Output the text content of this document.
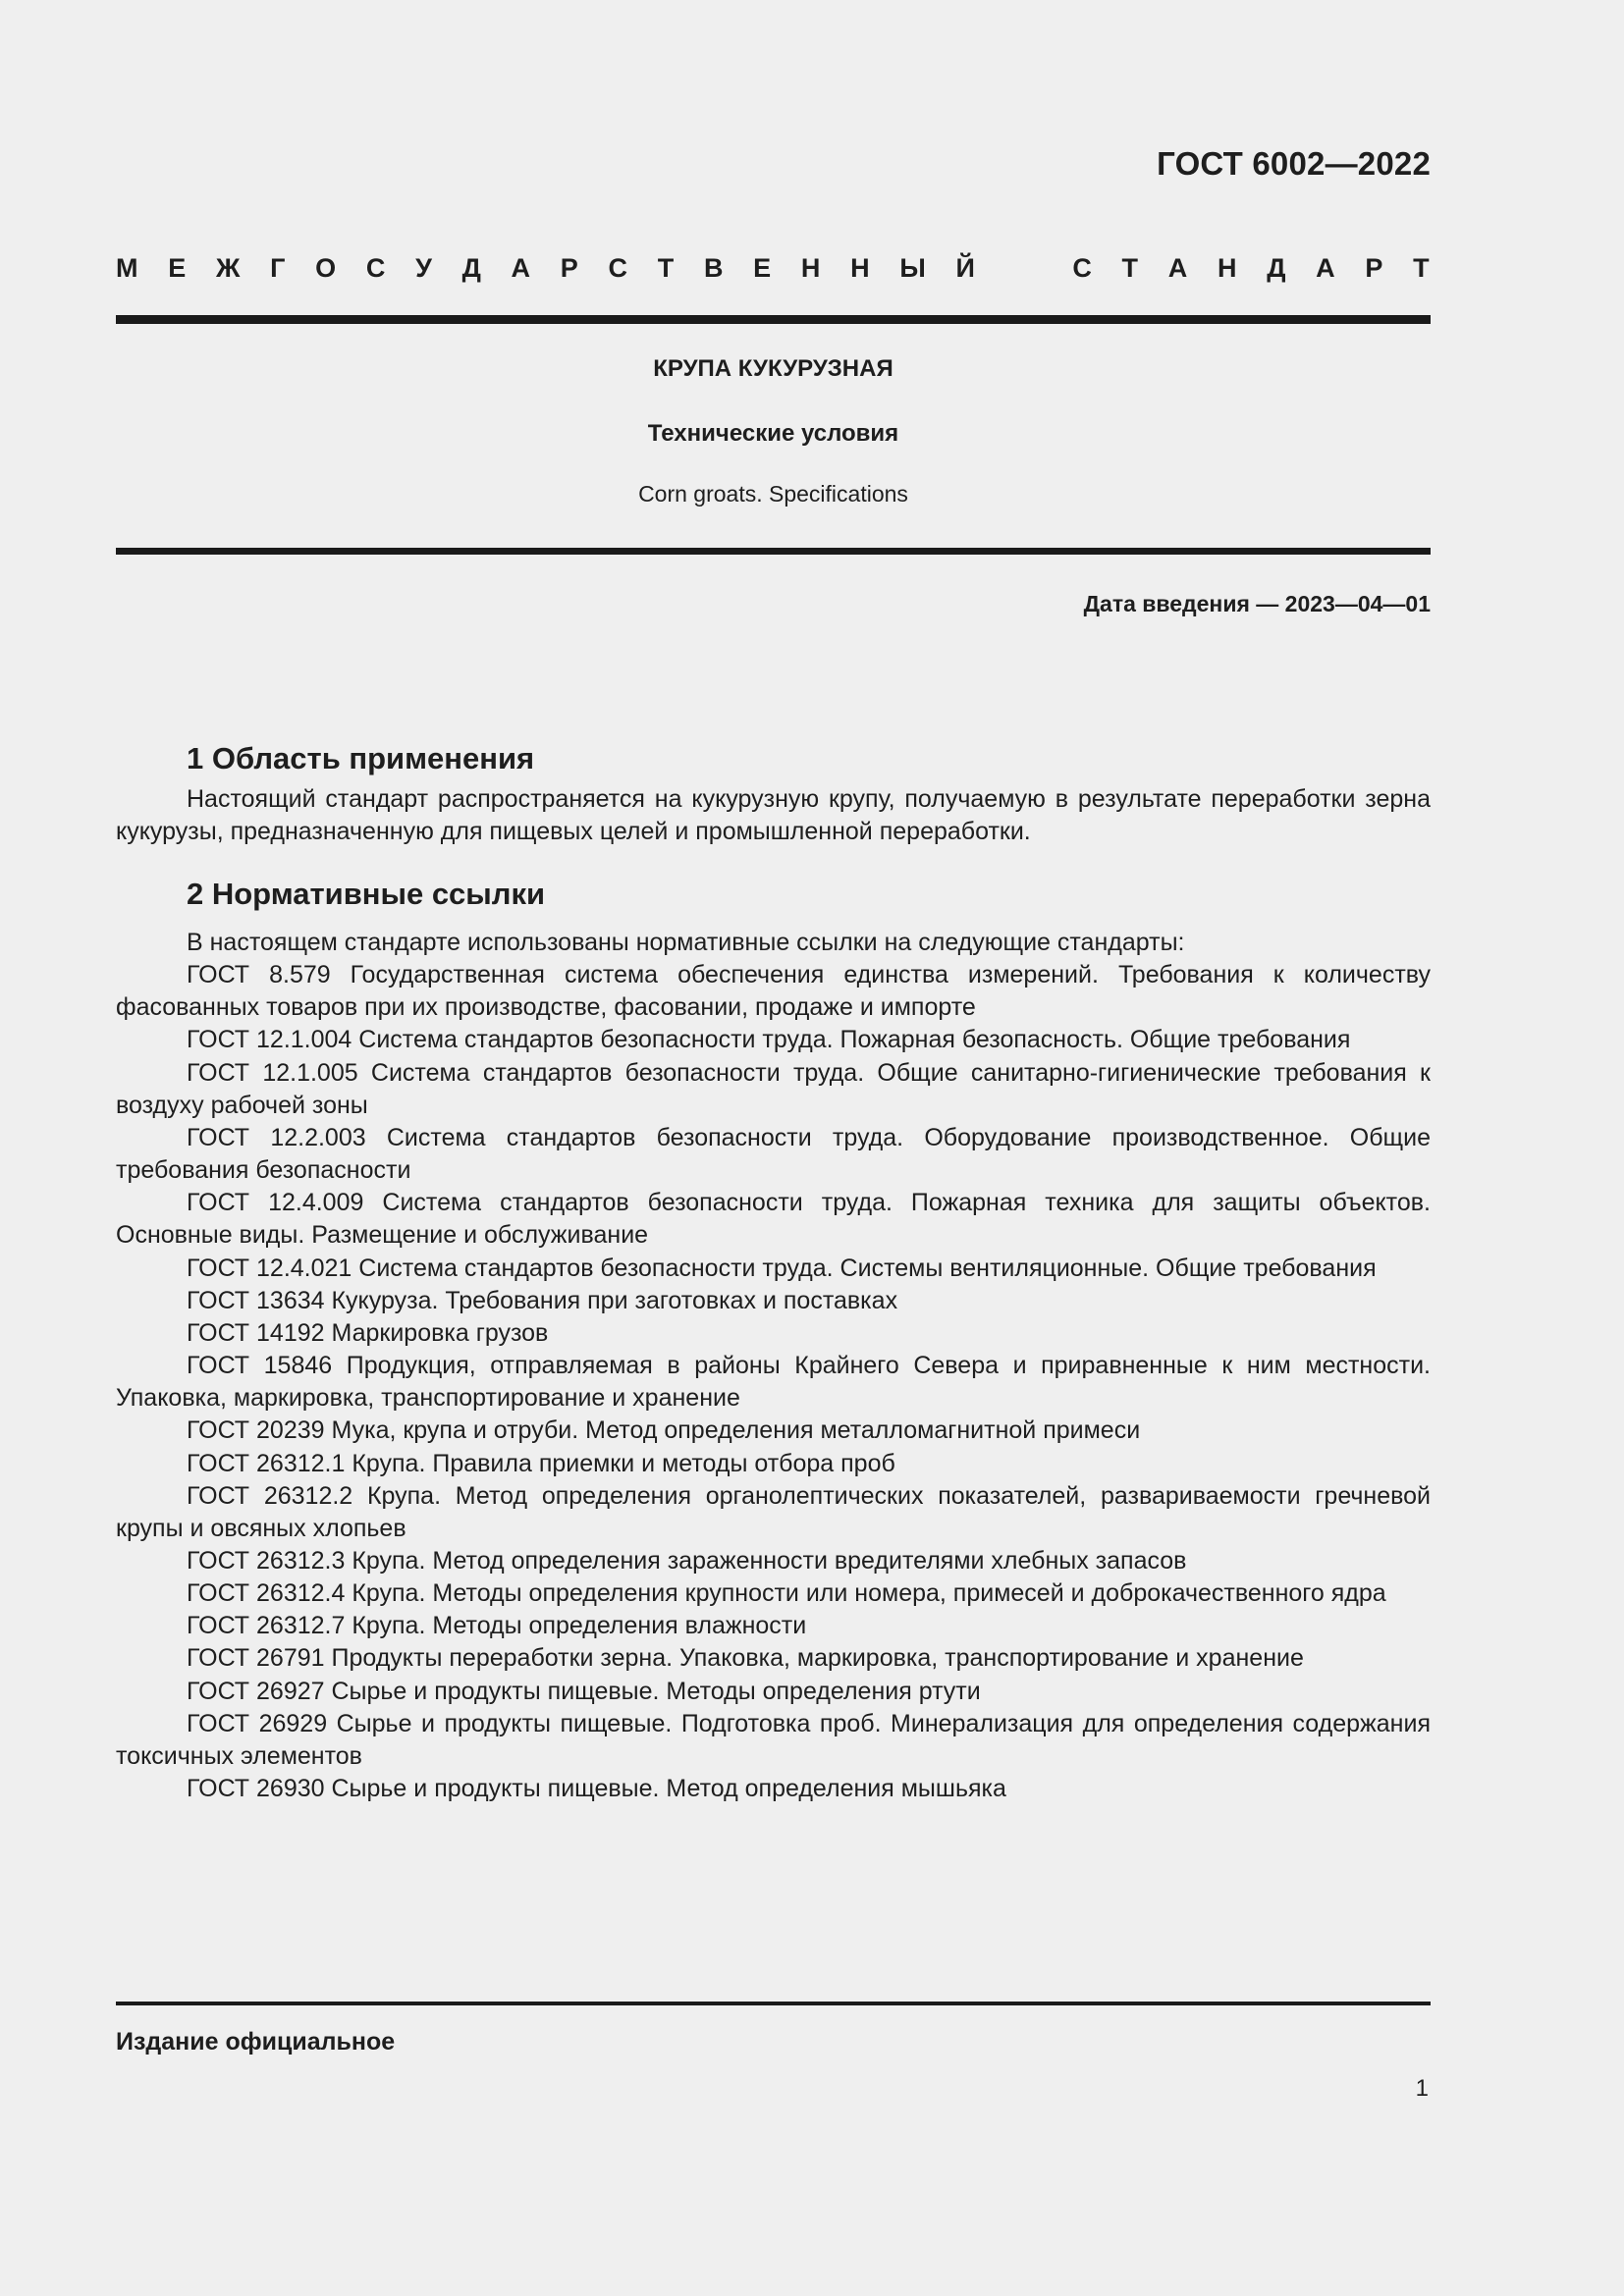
ГОСТ 6002—2022
М Е Ж Г О С У Д А Р С Т В Е Н Н Ы Й	С Т А Н Д А Р Т
КРУПА КУКУРУЗНАЯ
Технические условия
Corn groats. Specifications
Дата введения — 2023—04—01
1 Область применения

Настоящий стандарт распространяется на кукурузную крупу, получаемую в результате переработки зерна кукурузы, предназначенную для пищевых целей и промышленной переработки.

2 Нормативные ссылки

В настоящем стандарте использованы нормативные ссылки на следующие стандарты:

ГОСТ 8.579 Государственная система обеспечения единства измерений. Требования к количеству фасованных товаров при их производстве, фасовании, продаже и импорте
ГОСТ 12.1.004 Система стандартов безопасности труда. Пожарная безопасность. Общие требования
ГОСТ 12.1.005 Система стандартов безопасности труда. Общие санитарно-гигиенические требования к воздуху рабочей зоны
ГОСТ 12.2.003 Система стандартов безопасности труда. Оборудование производственное. Общие требования безопасности
ГОСТ 12.4.009 Система стандартов безопасности труда. Пожарная техника для защиты объектов. Основные виды. Размещение и обслуживание
ГОСТ 12.4.021 Система стандартов безопасности труда. Системы вентиляционные. Общие требования
ГОСТ 13634 Кукуруза. Требования при заготовках и поставках
ГОСТ 14192 Маркировка грузов
ГОСТ 15846 Продукция, отправляемая в районы Крайнего Севера и приравненные к ним местности. Упаковка, маркировка, транспортирование и хранение
ГОСТ 20239 Мука, крупа и отруби. Метод определения металломагнитной примеси
ГОСТ 26312.1 Крупа. Правила приемки и методы отбора проб
ГОСТ 26312.2 Крупа. Метод определения органолептических показателей, развариваемости гречневой крупы и овсяных хлопьев
ГОСТ 26312.3 Крупа. Метод определения зараженности вредителями хлебных запасов
ГОСТ 26312.4 Крупа. Методы определения крупности или номера, примесей и доброкачественного ядра
ГОСТ 26312.7 Крупа. Методы определения влажности
ГОСТ 26791 Продукты переработки зерна. Упаковка, маркировка, транспортирование и хранение
ГОСТ 26927 Сырье и продукты пищевые. Методы определения ртути
ГОСТ 26929 Сырье и продукты пищевые. Подготовка проб. Минерализация для определения содержания токсичных элементов
ГОСТ 26930 Сырье и продукты пищевые. Метод определения мышьяка
Издание официальное
1
